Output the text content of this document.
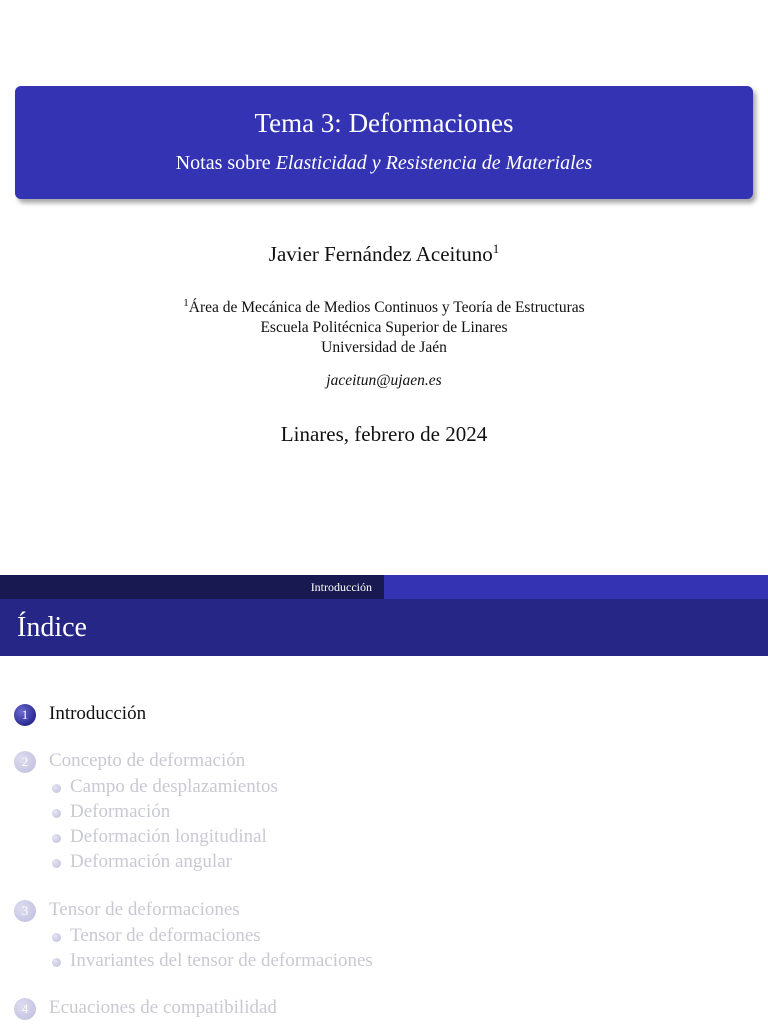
Tema 3: Deformaciones
Notas sobre Elasticidad y Resistencia de Materiales
Javier Fernández Aceituno$^1$
$^1$Área de Mecánica de Medios Continuos y Teoría de Estructuras
Escuela Politécnica Superior de Linares
Universidad de Jaén
jaceitun@ujaen.es
Linares, febrero de 2024
Introducción
Índice
1	Introducción
2	Concepto de deformación
Campo de desplazamientos
Deformación
Deformación longitudinal
Deformación angular
3	Tensor de deformaciones
Tensor de deformaciones
Invariantes del tensor de deformaciones
4	Ecuaciones de compatibilidad
